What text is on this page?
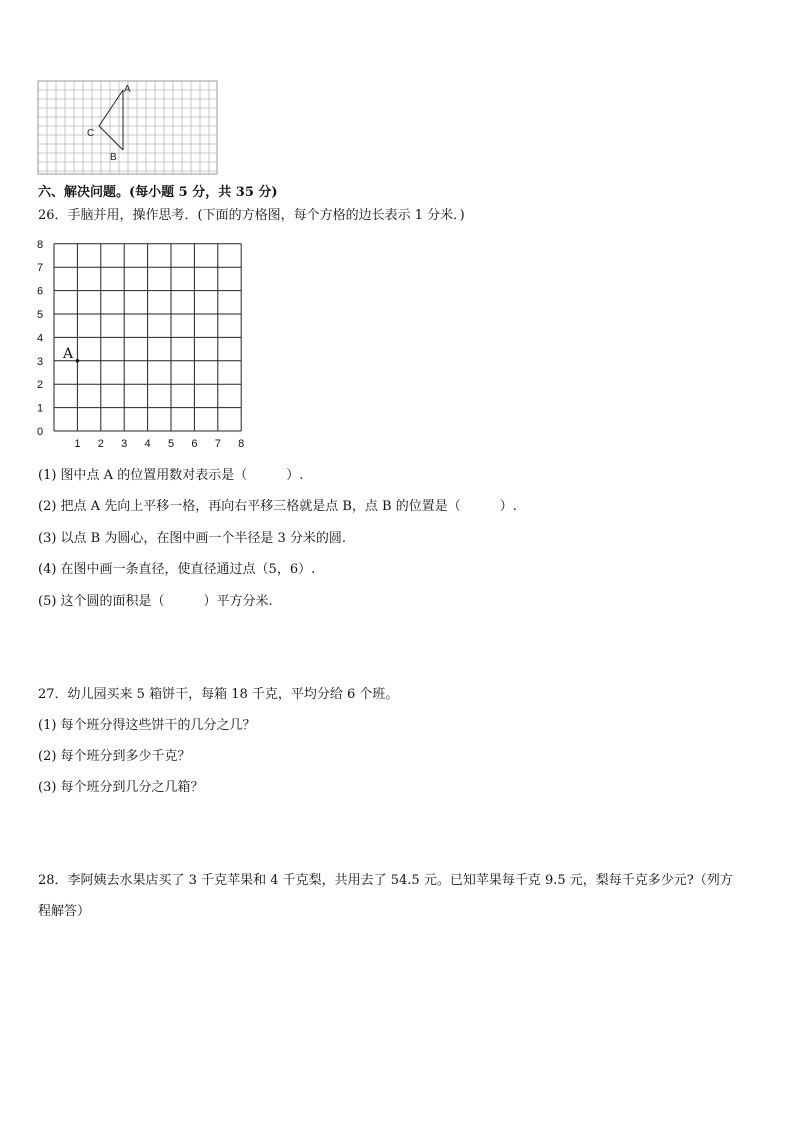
A
C
B
六、解决问题。(每小题 5 分，共 35 分)
26．手脑并用，操作思考．(下面的方格图，每个方格的边长表示 1 分米．)
8
7
6
5
4
3
2
1
0
1 2 3 4 5 6 7 8
A
(1) 图中点 A 的位置用数对表示是（　　　）.
(2) 把点 A 先向上平移一格，再向右平移三格就是点 B，点 B 的位置是（　　　）.
(3) 以点 B 为圆心，在图中画一个半径是 3 分米的圆.
(4) 在图中画一条直径，使直径通过点（5，6）.
(5) 这个圆的面积是（　　　）平方分米.
27．幼儿园买来 5 箱饼干，每箱 18 千克，平均分给 6 个班。
(1) 每个班分得这些饼干的几分之几？
(2) 每个班分到多少千克？
(3) 每个班分到几分之几箱？
28．李阿姨去水果店买了 3 千克苹果和 4 千克梨，共用去了 54.5 元。已知苹果每千克 9.5 元，梨每千克多少元?（列方
程解答）
